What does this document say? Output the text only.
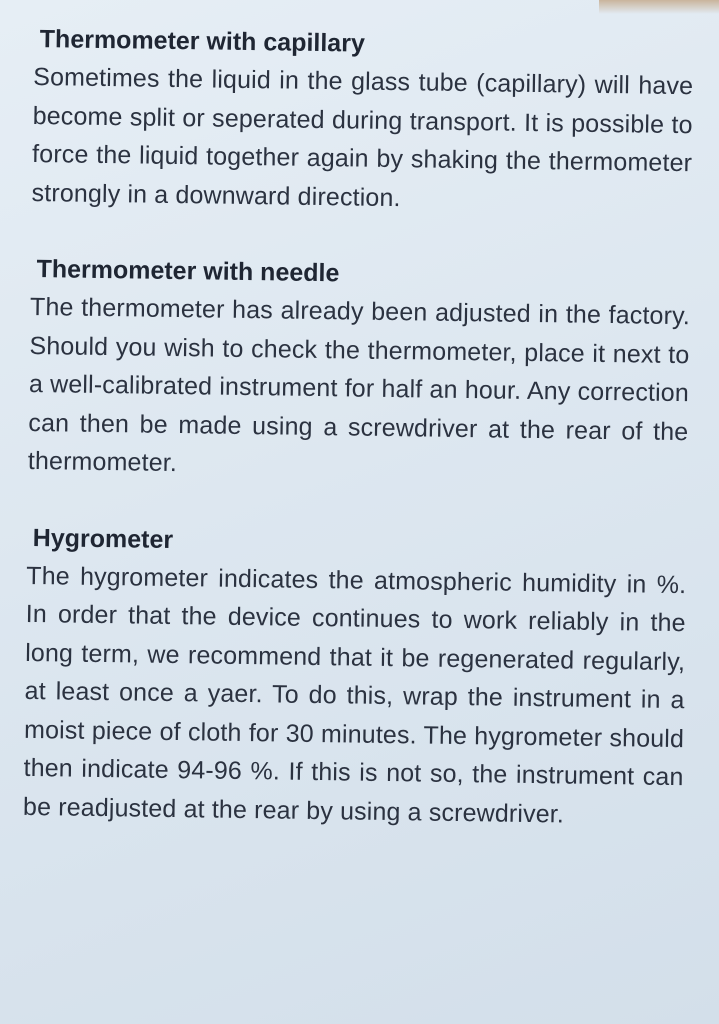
Thermometer with capillary

Sometimes the liquid in the glass tube (capillary) will have become split or seperated during transport. It is possible to force the liquid together again by shaking the thermometer strongly in a downward direction.

Thermometer with needle

The thermometer has already been adjusted in the factory. Should you wish to check the thermometer, place it next to a well-calibrated instrument for half an hour. Any correction can then be made using a screwdriver at the rear of the thermometer.

Hygrometer

The hygrometer indicates the atmospheric humidity in %. In order that the device continues to work reliably in the long term, we recommend that it be regenerated regularly, at least once a yaer. To do this, wrap the instrument in a moist piece of cloth for 30 minutes. The hygrometer should then indicate 94-96 %. If this is not so, the instrument can be readjusted at the rear by using a screwdriver.
